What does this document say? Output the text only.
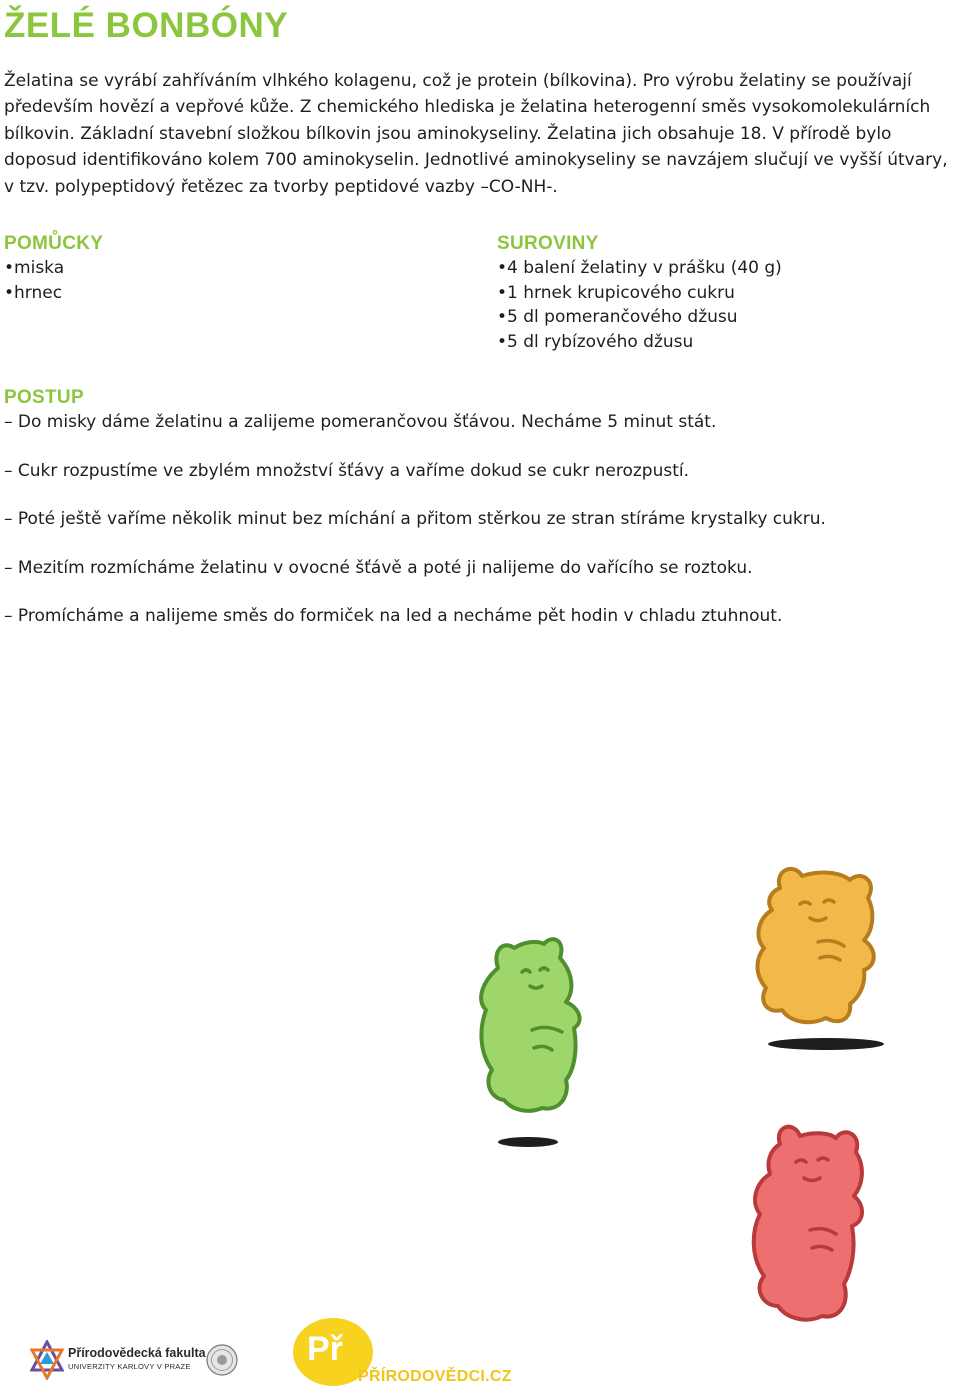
ŽELÉ BONBÓNY

Želatina se vyrábí zahříváním vlhkého kolagenu, což je protein (bílkovina). Pro výrobu želatiny se používají především hovězí a vepřové kůže. Z chemického hlediska je želatina heterogenní směs vysokomolekulárních bílkovin. Základní stavební složkou bílkovin jsou aminokyseliny. Želatina jich obsahuje 18. V přírodě bylo doposud identifikováno kolem 700 aminokyselin. Jednotlivé aminokyseliny se navzájem slučují ve vyšší útvary, v tzv. polypeptidový řetězec za tvorby peptidové vazby –CO-NH-.

POMŮCKY
• miska
• hrnec
SUROVINY
• 4 balení želatiny v prášku (40 g)
• 1 hrnek krupicového cukru
• 5 dl pomerančového džusu
• 5 dl rybízového džusu
POSTUP
– Do misky dáme želatinu a zalijeme pomerančovou šťávou. Necháme 5 minut stát.
– Cukr rozpustíme ve zbylém množství šťávy a vaříme dokud se cukr nerozpustí.
– Poté ještě vaříme několik minut bez míchání a přitom stěrkou ze stran stíráme krystalky cukru.
– Mezitím rozmícháme želatinu v ovocné šťávě a poté ji nalijeme do vařícího se roztoku.
– Promícháme a nalijeme směs do formiček na led a necháme pět hodin v chladu ztuhnout.
Přírodovědecká fakulta
UNIVERZITY KARLOVY V PRAZE	Př
PŘÍRODOVĚDCI.CZ
